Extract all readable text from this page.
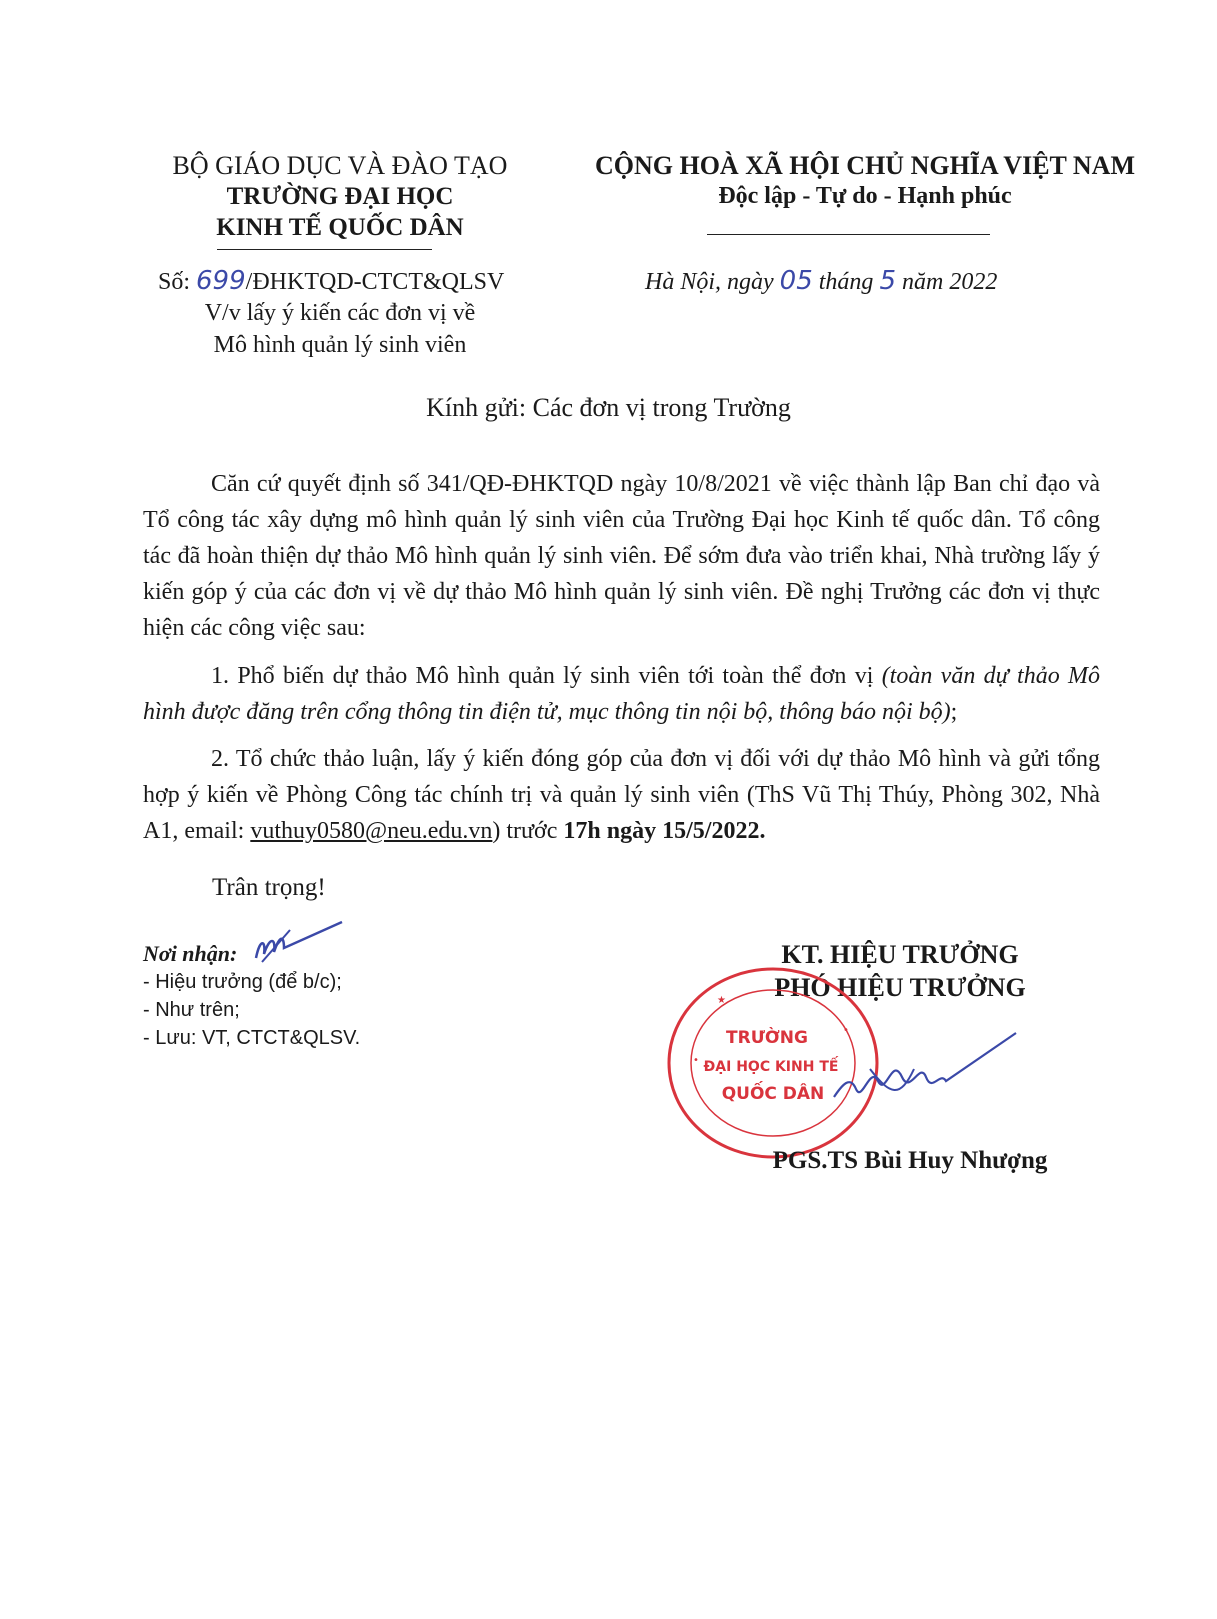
BỘ GIÁO DỤC VÀ ĐÀO TẠO
TRƯỜNG ĐẠI HỌC
KINH TẾ QUỐC DÂN
CỘNG HOÀ XÃ HỘI CHỦ NGHĨA VIỆT NAM
Độc lập - Tự do - Hạnh phúc
Số: 699/ĐHKTQD-CTCT&QLSV
V/v lấy ý kiến các đơn vị về
Mô hình quản lý sinh viên
Hà Nội, ngày 05 tháng 5 năm 2022
Kính gửi: Các đơn vị trong Trường
Căn cứ quyết định số 341/QĐ-ĐHKTQD ngày 10/8/2021 về việc thành lập Ban chỉ đạo và Tổ công tác xây dựng mô hình quản lý sinh viên của Trường Đại học Kinh tế quốc dân. Tổ công tác đã hoàn thiện dự thảo Mô hình quản lý sinh viên. Để sớm đưa vào triển khai, Nhà trường lấy ý kiến góp ý của các đơn vị về dự thảo Mô hình quản lý sinh viên. Đề nghị Trưởng các đơn vị thực hiện các công việc sau:
1. Phổ biến dự thảo Mô hình quản lý sinh viên tới toàn thể đơn vị (toàn văn dự thảo Mô hình được đăng trên cổng thông tin điện tử, mục thông tin nội bộ, thông báo nội bộ);
2. Tổ chức thảo luận, lấy ý kiến đóng góp của đơn vị đối với dự thảo Mô hình và gửi tổng hợp ý kiến về Phòng Công tác chính trị và quản lý sinh viên (ThS Vũ Thị Thúy, Phòng 302, Nhà A1, email: vuthuy0580@neu.edu.vn) trước 17h ngày 15/5/2022.
Trân trọng!
Nơi nhận:
- Hiệu trưởng (để b/c);
- Như trên;
- Lưu: VT, CTCT&QLSV.
KT. HIỆU TRƯỞNG
PHÓ HIỆU TRƯỞNG
TRƯỜNG
ĐẠI HỌC KINH TẾ
QUỐC DÂN
★
•
•
PGS.TS Bùi Huy Nhượng
